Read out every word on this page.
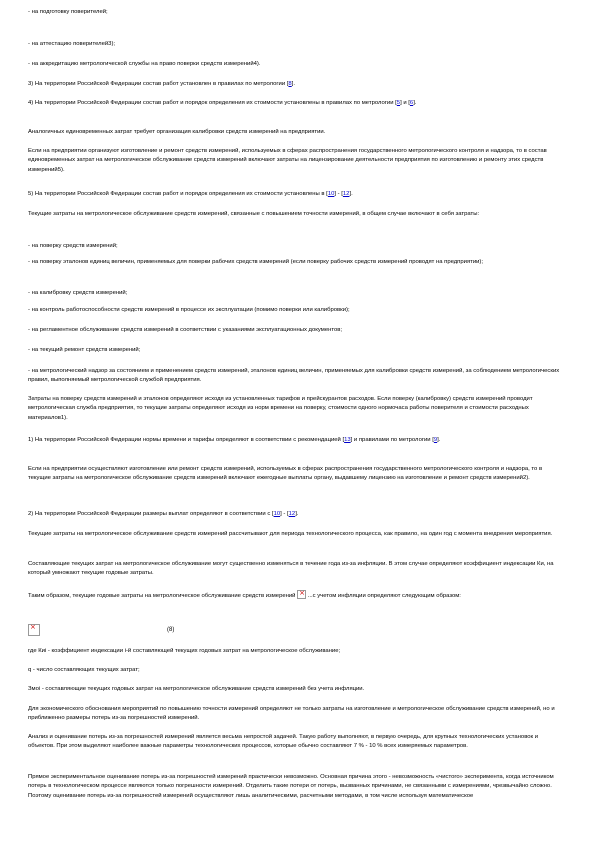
- на подготовку поверителей;

- на аттестацию поверителей3);

- на аккредитацию метрологической службы на право поверки средств измерений4).

3) На территории Российской Федерации состав работ установлен в правилах по метрологии [8].

4) На территории Российской Федерации состав работ и порядок определения их стоимости установлены в правилах по метрологии [5] и [6].

Аналогичных единовременных затрат требует организация калибровки средств измерений на предприятии.

Если на предприятии организуют изготовление и ремонт средств измерений, используемых в сферах распространения государственного метрологического контроля и надзора, то в состав единовременных затрат на метрологическое обслуживание средств измерений включают затраты на лицензирование деятельности предприятия по изготовлению и ремонту этих средств измерений5).

5) На территории Российской Федерации состав работ и порядок определения их стоимости установлены в [10] - [12].

Текущие затраты на метрологическое обслуживание средств измерений, связанные с повышением точности измерений, в общем случае включают в себя затраты:

- на поверку средств измерений;

- на поверку эталонов единиц величин, применяемых для поверки рабочих средств измерений (если поверку рабочих средств измерений проводят на предприятии);

- на калибровку средств измерений;

- на контроль работоспособности средств измерений в процессе их эксплуатации (помимо поверки или калибровки);

- на регламентное обслуживание средств измерений в соответствии с указаниями эксплуатационных документов;

- на текущий ремонт средств измерений;

- на метрологический надзор за состоянием и применением средств измерений, эталонов единиц величин, применяемых для калибровки средств измерений, за соблюдением метрологических правил, выполняемый метрологической службой предприятия.

Затраты на поверку средств измерений и эталонов определяют исходя из установленных тарифов и прейскурантов расходов. Если поверку (калибровку) средств измерений проводит метрологическая служба предприятия, то текущие затраты определяют исходя из норм времени на поверку, стоимости одного нормочаса работы поверителя и стоимости расходных материалов1).

1) На территории Российской Федерации нормы времени и тарифы определяют в соответствии с рекомендацией [13] и правилами по метрологии [9].

Если на предприятии осуществляют изготовление или ремонт средств измерений, используемых в сферах распространения государственного метрологического контроля и надзора, то в текущие затраты на метрологическое обслуживание средств измерений включают ежегодные выплаты органу, выдавшему лицензию на изготовление и ремонт средств измерений2).

2) На территории Российской Федерации размеры выплат определяют в соответствии с [10] - [12].

Текущие затраты на метрологическое обслуживание средств измерений рассчитывают для периода технологического процесса, как правило, на один год с момента внедрения мероприятия.

Составляющие текущих затрат на метрологическое обслуживание могут существенно изменяться в течение года из-за инфляции. В этом случае определяют коэффициент индексации Ки, на который умножают текущие годовые затраты.

Таким образом, текущие годовые затраты на метрологическое обслуживание средств измерений × ...с учетом инфляции определяют следующим образом:

×
(8)

где Киi - коэффициент индексации i-й составляющей текущих годовых затрат на метрологическое обслуживание;

q - число составляющих текущих затрат;

Змоi - составляющие текущих годовых затрат на метрологическое обслуживание средств измерений без учета инфляции.

Для экономического обоснования мероприятий по повышению точности измерений определяют не только затраты на изготовление и метрологическое обслуживание средств измерений, но и приближенно размеры потерь из-за погрешностей измерений.

Анализ и оценивание потерь из-за погрешностей измерений является весьма непростой задачей. Такую работу выполняют, в первую очередь, для крупных технологических установок и объектов. При этом выделяют наиболее важные параметры технологических процессов, которые обычно составляют 7 % - 10 % всех измеряемых параметров.

Прямое экспериментальное оценивание потерь из-за погрешностей измерений практически невозможно. Основная причина этого - невозможность «чистого» эксперимента, когда источником потерь в технологическом процессе являются только погрешности измерений. Отделить такие потери от потерь, вызванных причинами, не связанными с измерениями, чрезвычайно сложно. Поэтому оценивание потерь из-за погрешностей измерений осуществляют лишь аналитическими, расчетными методами, в том числе используя математическое
